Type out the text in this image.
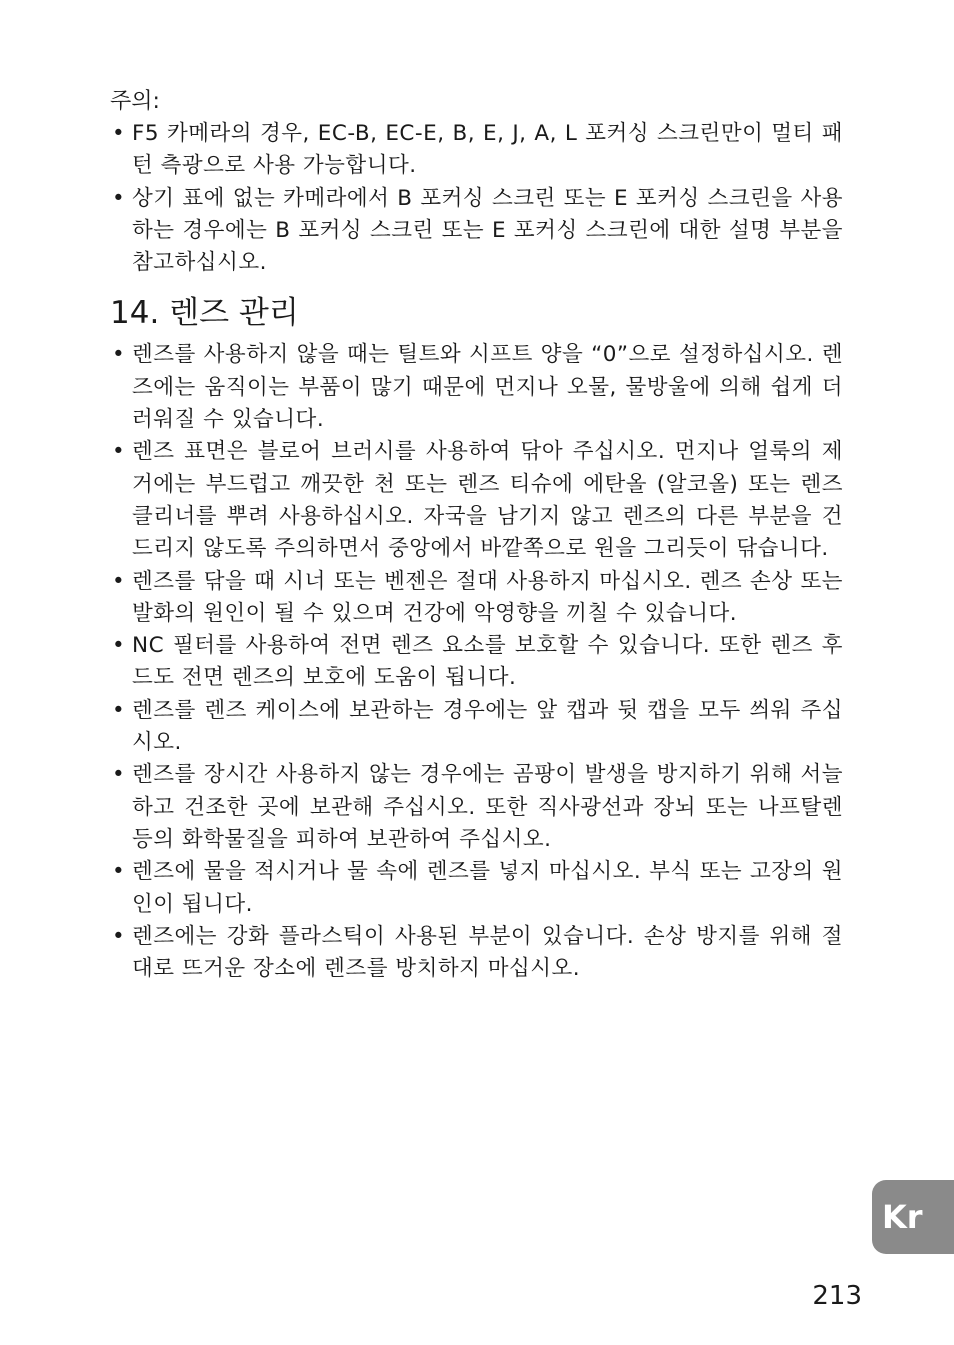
주의:

• F5 카메라의 경우, EC-B, EC-E, B, E, J, A, L 포커싱 스크린만이 멀티 패턴 측광으로 사용 가능합니다.
• 상기 표에 없는 카메라에서 B 포커싱 스크린 또는 E 포커싱 스크린을 사용하는 경우에는 B 포커싱 스크린 또는 E 포커싱 스크린에 대한 설명 부분을 참고하십시오.
14. 렌즈 관리
• 렌즈를 사용하지 않을 때는 틸트와 시프트 양을 “0”으로 설정하십시오. 렌즈에는 움직이는 부품이 많기 때문에 먼지나 오물, 물방울에 의해 쉽게 더러워질 수 있습니다.
• 렌즈 표면은 블로어 브러시를 사용하여 닦아 주십시오. 먼지나 얼룩의 제거에는 부드럽고 깨끗한 천 또는 렌즈 티슈에 에탄올 (알코올) 또는 렌즈 클리너를 뿌려 사용하십시오. 자국을 남기지 않고 렌즈의 다른 부분을 건드리지 않도록 주의하면서 중앙에서 바깥쪽으로 원을 그리듯이 닦습니다.
• 렌즈를 닦을 때 시너 또는 벤젠은 절대 사용하지 마십시오. 렌즈 손상 또는 발화의 원인이 될 수 있으며 건강에 악영향을 끼칠 수 있습니다.
• NC 필터를 사용하여 전면 렌즈 요소를 보호할 수 있습니다. 또한 렌즈 후드도 전면 렌즈의 보호에 도움이 됩니다.
• 렌즈를 렌즈 케이스에 보관하는 경우에는 앞 캡과 뒷 캡을 모두 씌워 주십시오.
• 렌즈를 장시간 사용하지 않는 경우에는 곰팡이 발생을 방지하기 위해 서늘하고 건조한 곳에 보관해 주십시오. 또한 직사광선과 장뇌 또는 나프탈렌 등의 화학물질을 피하여 보관하여 주십시오.
• 렌즈에 물을 적시거나 물 속에 렌즈를 넣지 마십시오. 부식 또는 고장의 원인이 됩니다.
• 렌즈에는 강화 플라스틱이 사용된 부분이 있습니다. 손상 방지를 위해 절대로 뜨거운 장소에 렌즈를 방치하지 마십시오.
Kr
213
